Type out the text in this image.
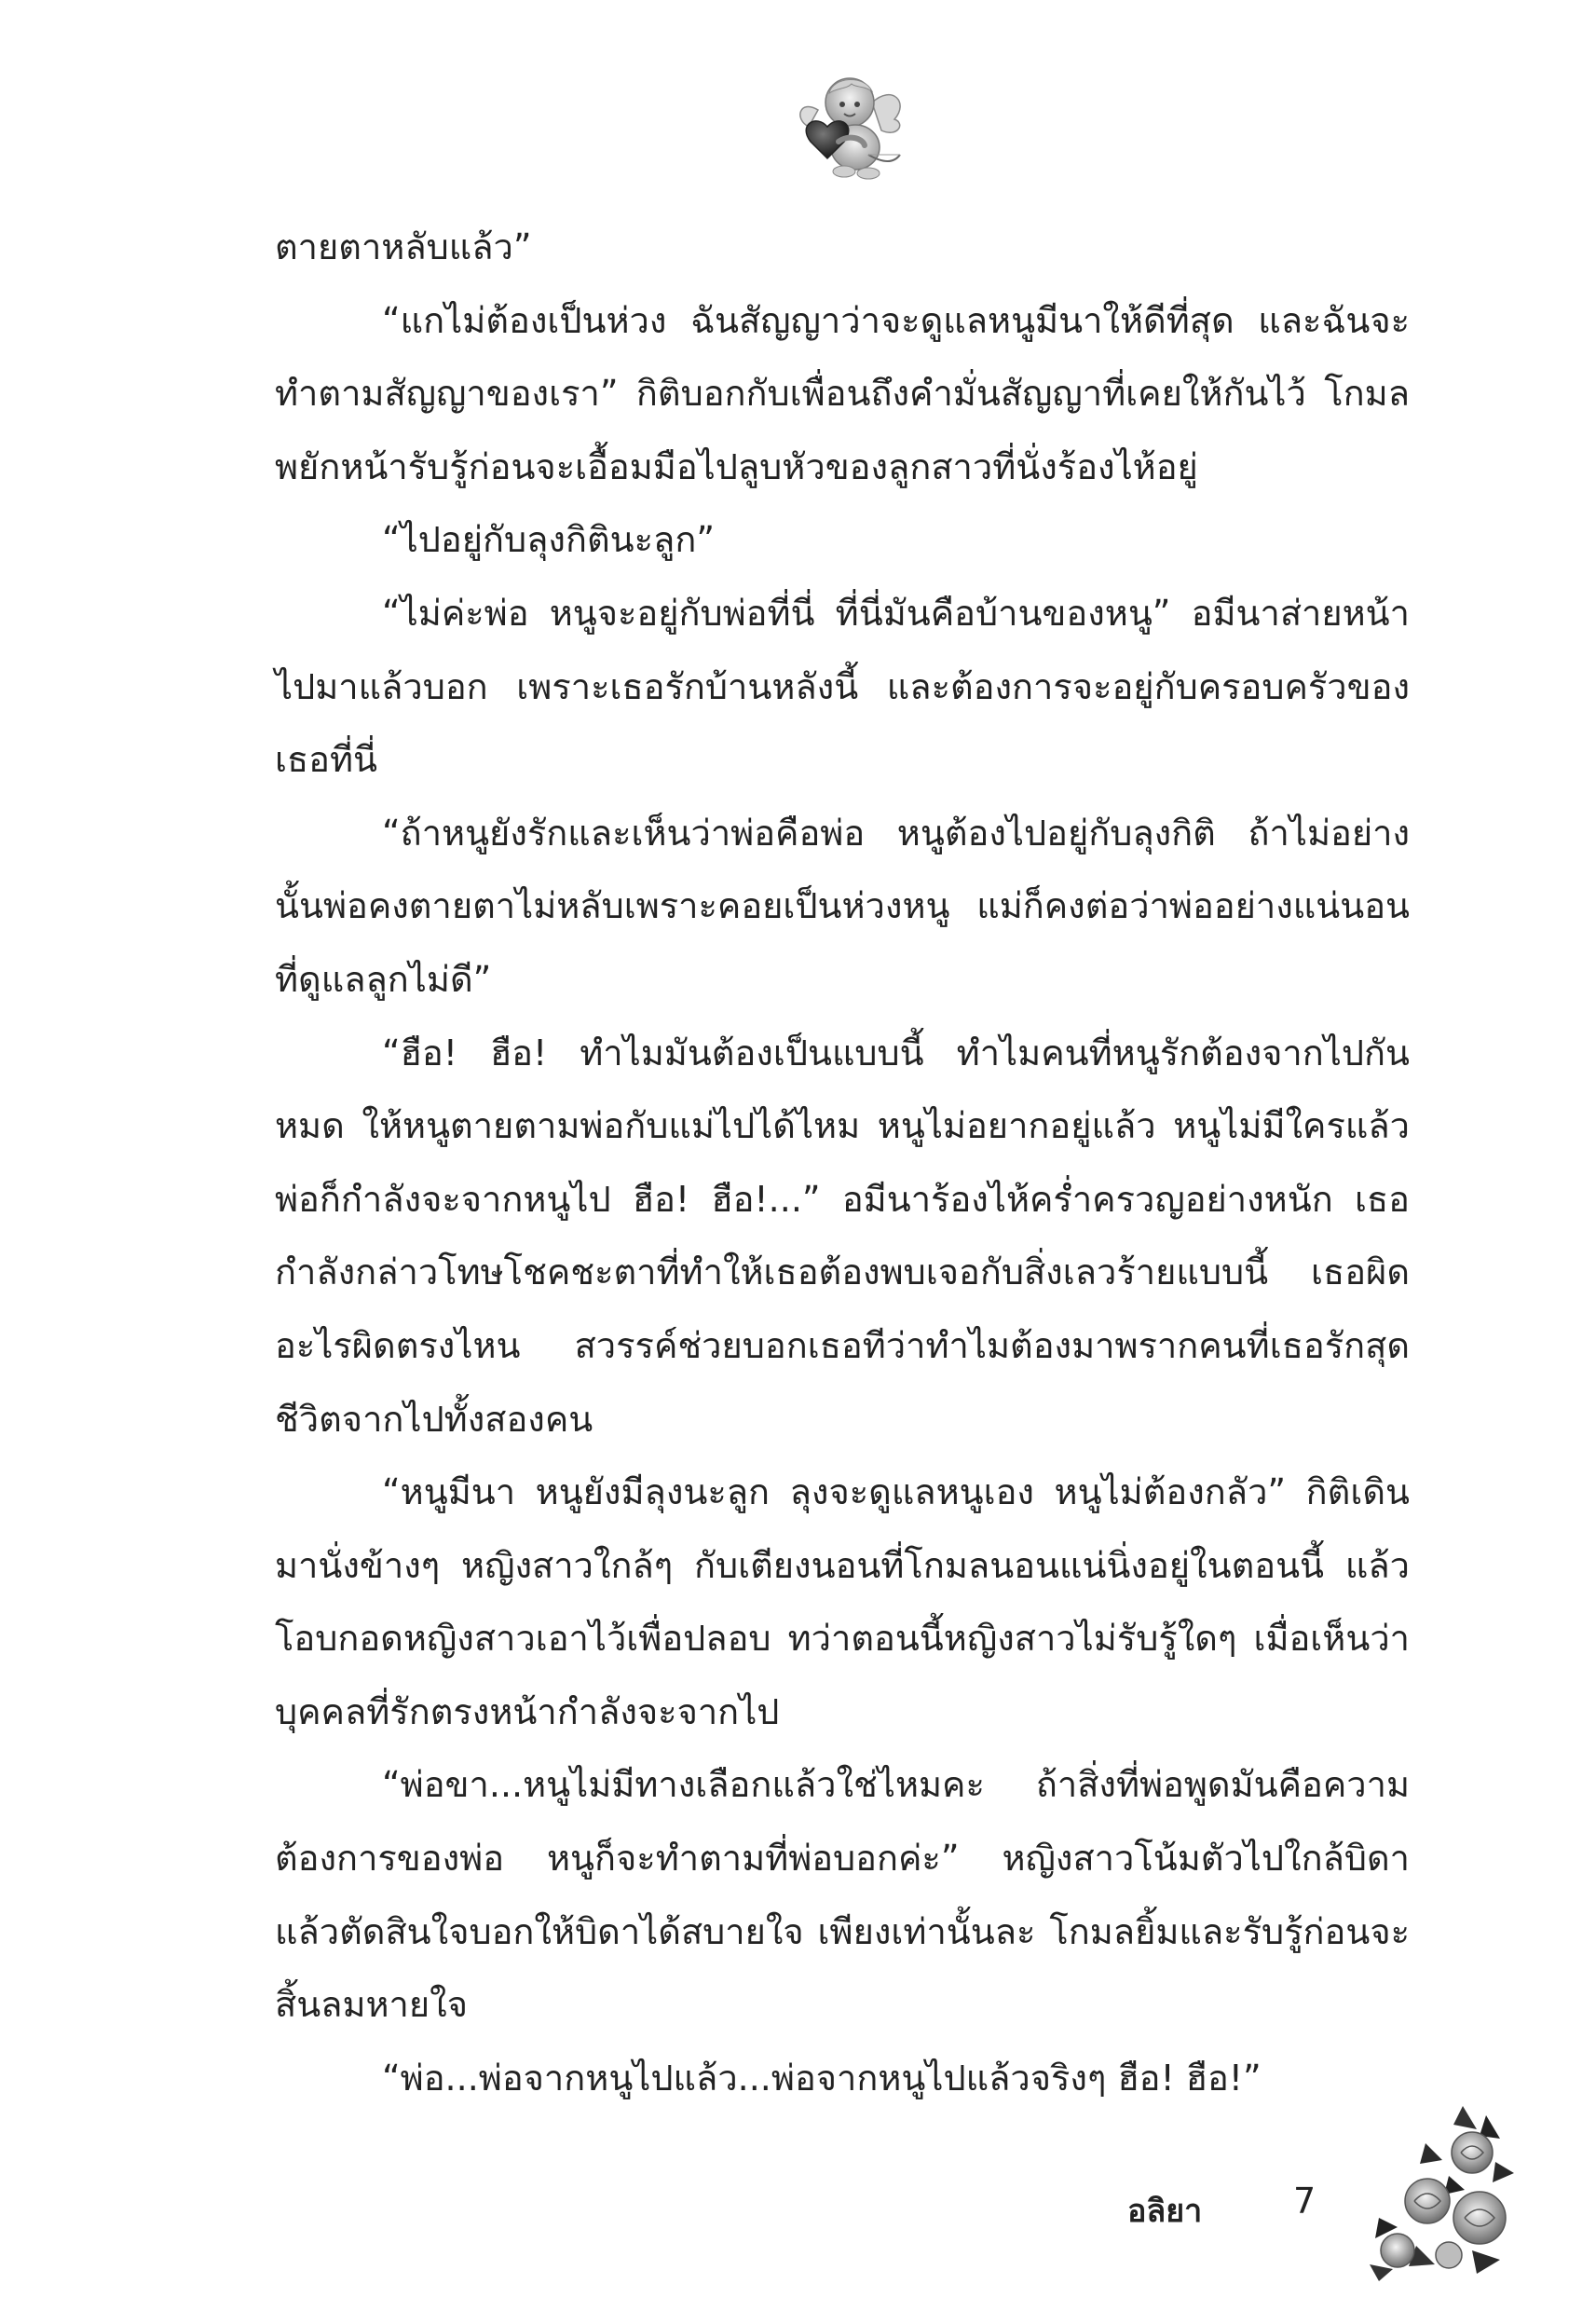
ตายตาหลับแล้ว”

“แกไม่ต้องเป็นห่วง ฉันสัญญาว่าจะดูแลหนูมีนาให้ดีที่สุด และฉันจะทำตามสัญญาของเรา” กิติบอกกับเพื่อนถึงคำมั่นสัญญาที่เคยให้กันไว้ โกมลพยักหน้ารับรู้ก่อนจะเอื้อมมือไปลูบหัวของลูกสาวที่นั่งร้องไห้อยู่

“ไปอยู่กับลุงกิตินะลูก”

“ไม่ค่ะพ่อ หนูจะอยู่กับพ่อที่นี่ ที่นี่มันคือบ้านของหนู” อมีนาส่ายหน้าไปมาแล้วบอก เพราะเธอรักบ้านหลังนี้ และต้องการจะอยู่กับครอบครัวของเธอที่นี่

“ถ้าหนูยังรักและเห็นว่าพ่อคือพ่อ หนูต้องไปอยู่กับลุงกิติ ถ้าไม่อย่างนั้นพ่อคงตายตาไม่หลับเพราะคอยเป็นห่วงหนู แม่ก็คงต่อว่าพ่ออย่างแน่นอนที่ดูแลลูกไม่ดี”

“ฮือ! ฮือ! ทำไมมันต้องเป็นแบบนี้ ทำไมคนที่หนูรักต้องจากไปกันหมด ให้หนูตายตามพ่อกับแม่ไปได้ไหม หนูไม่อยากอยู่แล้ว หนูไม่มีใครแล้ว พ่อก็กำลังจะจากหนูไป ฮือ! ฮือ!...” อมีนาร้องไห้คร่ำครวญอย่างหนัก เธอกำลังกล่าวโทษโชคชะตาที่ทำให้เธอต้องพบเจอกับสิ่งเลวร้ายแบบนี้ เธอผิดอะไรผิดตรงไหน สวรรค์ช่วยบอกเธอทีว่าทำไมต้องมาพรากคนที่เธอรักสุดชีวิตจากไปทั้งสองคน

“หนูมีนา หนูยังมีลุงนะลูก ลุงจะดูแลหนูเอง หนูไม่ต้องกลัว” กิติเดินมานั่งข้างๆ หญิงสาวใกล้ๆ กับเตียงนอนที่โกมลนอนแน่นิ่งอยู่ในตอนนี้ แล้วโอบกอดหญิงสาวเอาไว้เพื่อปลอบ ทว่าตอนนี้หญิงสาวไม่รับรู้ใดๆ เมื่อเห็นว่าบุคคลที่รักตรงหน้ากำลังจะจากไป

“พ่อขา...หนูไม่มีทางเลือกแล้วใช่ไหมคะ ถ้าสิ่งที่พ่อพูดมันคือความต้องการของพ่อ หนูก็จะทำตามที่พ่อบอกค่ะ” หญิงสาวโน้มตัวไปใกล้บิดาแล้วตัดสินใจบอกให้บิดาได้สบายใจ เพียงเท่านั้นละ โกมลยิ้มและรับรู้ก่อนจะสิ้นลมหายใจ

“พ่อ...พ่อจากหนูไปแล้ว...พ่อจากหนูไปแล้วจริงๆ ฮือ! ฮือ!”

อลิยา	7
